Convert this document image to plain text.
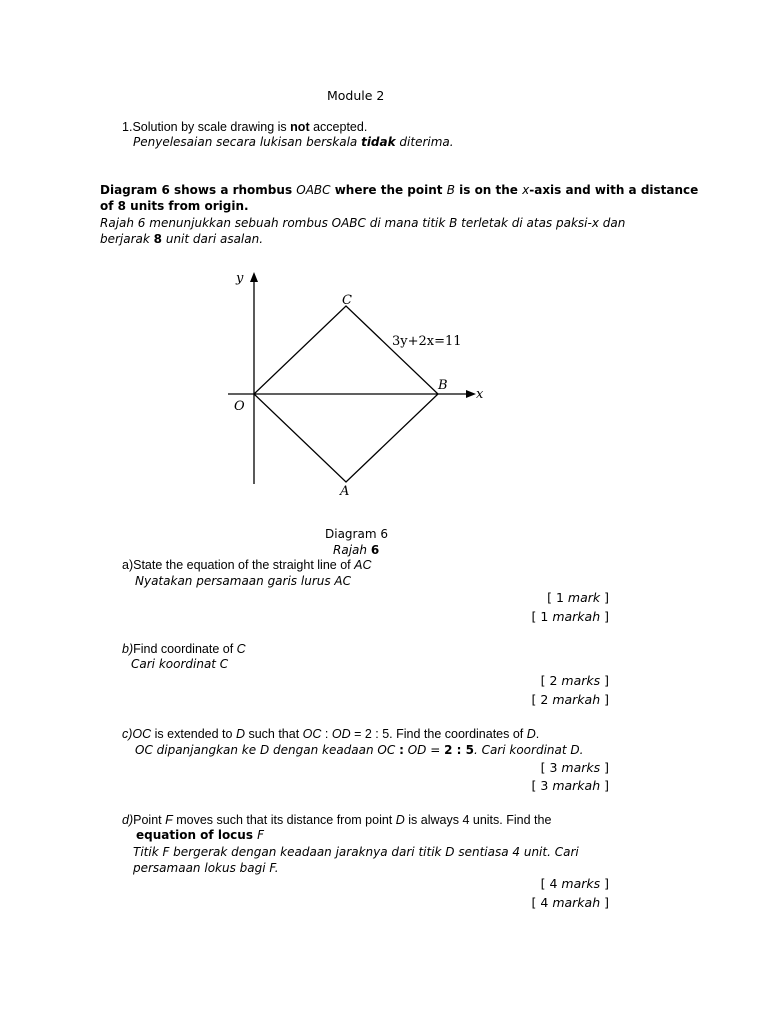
Module 2
1.Solution by scale drawing is not accepted.
Penyelesaian secara lukisan berskala tidak diterima.
Diagram 6 shows a rhombus OABC where the point B is on the x-axis and with a distance
of 8 units from origin.
Rajah 6 menunjukkan sebuah rombus OABC di mana titik B terletak di atas paksi-x dan
berjarak 8 unit dari asalan.
y
x
O
C
B
A
3y+2x=11
Diagram 6
Rajah 6
a)State the equation of the straight line of AC
Nyatakan persamaan garis lurus AC
[ 1 mark ]
[ 1 markah ]
b)Find coordinate of C
Cari koordinat C
[ 2 marks ]
[ 2 markah ]
c)OC is extended to D such that OC : OD = 2 : 5. Find the coordinates of D.
OC dipanjangkan ke D dengan keadaan OC : OD = 2 : 5. Cari koordinat D.
[ 3 marks ]
[ 3 markah ]
d)Point F moves such that its distance from point D is always 4 units. Find the
equation of locus F
Titik F bergerak dengan keadaan jaraknya dari titik D sentiasa 4 unit. Cari
persamaan lokus bagi F.
[ 4 marks ]
[ 4 markah ]
